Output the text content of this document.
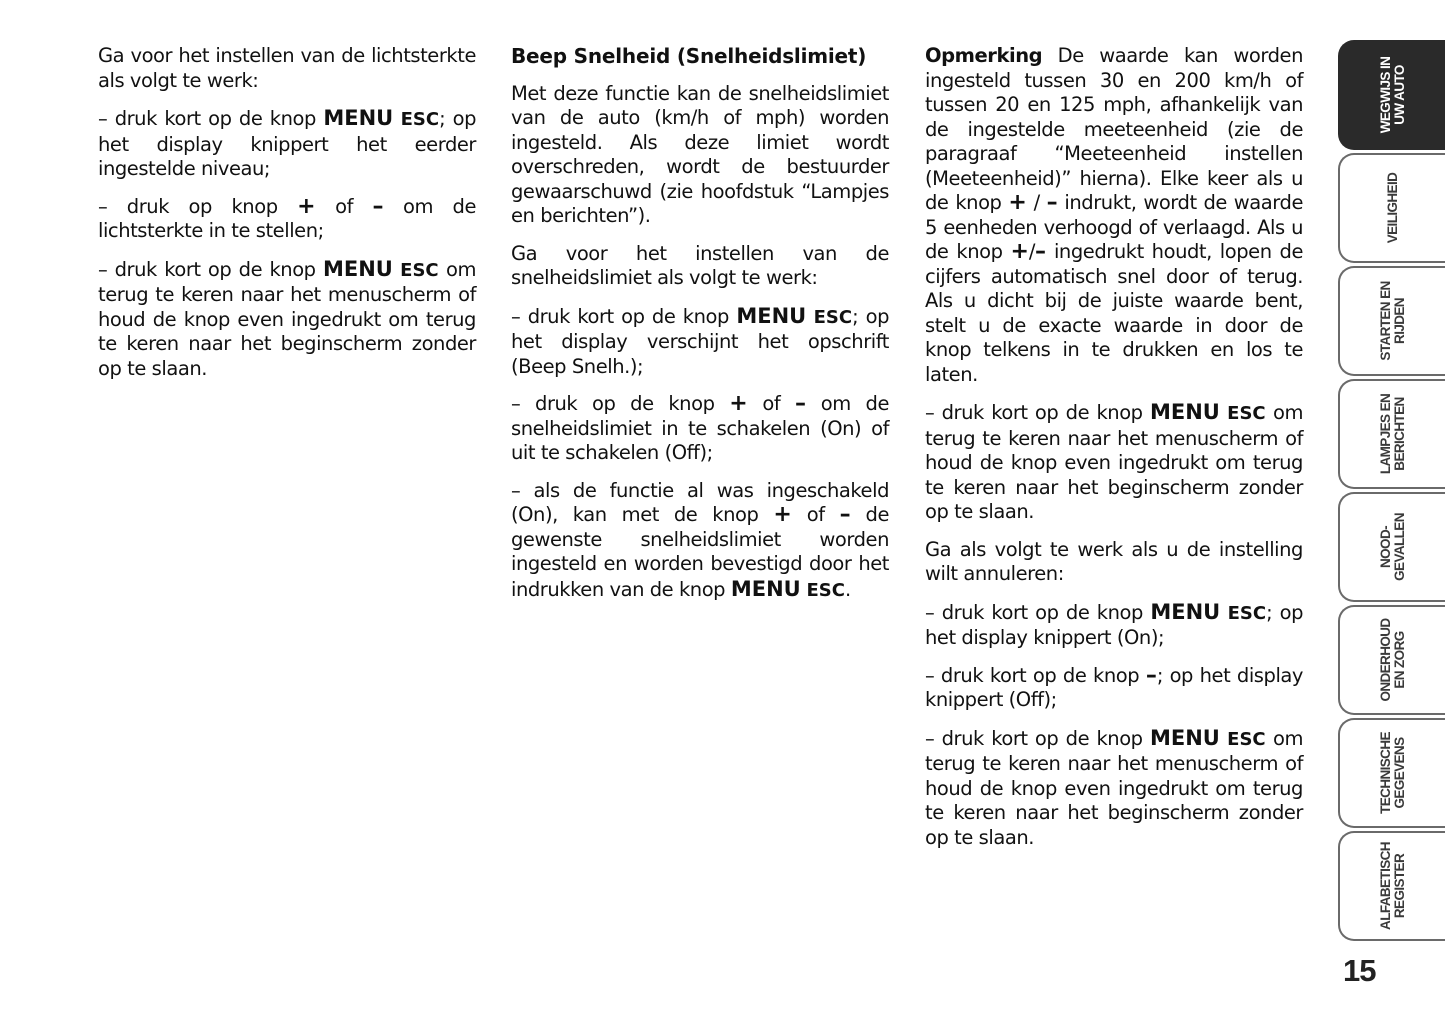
Ga voor het instellen van de lichtsterkte als volgt te werk:

– druk kort op de knop MENU ESC; op het display knippert het eerder ingestelde niveau;

– druk op knop + of – om de lichtsterkte in te stellen;

– druk kort op de knop MENU ESC om terug te keren naar het menuscherm of houd de knop even ingedrukt om terug te keren naar het beginscherm zonder op te slaan.

Beep Snelheid (Snelheidslimiet)

Met deze functie kan de snelheidslimiet van de auto (km/h of mph) worden ingesteld. Als deze limiet wordt overschreden, wordt de bestuurder gewaarschuwd (zie hoofdstuk “Lampjes en berichten”).

Ga voor het instellen van de snelheidslimiet als volgt te werk:

– druk kort op de knop MENU ESC; op het display verschijnt het opschrift (Beep Snelh.);

– druk op de knop + of – om de snelheidslimiet in te schakelen (On) of uit te schakelen (Off);

– als de functie al was ingeschakeld (On), kan met de knop + of – de gewenste snelheidslimiet worden ingesteld en worden bevestigd door het indrukken van de knop MENU ESC.

Opmerking De waarde kan worden ingesteld tussen 30 en 200 km/h of tussen 20 en 125 mph, afhankelijk van de ingestelde meeteenheid (zie de paragraaf “Meeteenheid instellen (Meeteenheid)” hierna). Elke keer als u de knop + / – indrukt, wordt de waarde 5 eenheden verhoogd of verlaagd. Als u de knop +/– ingedrukt houdt, lopen de cijfers automatisch snel door of terug. Als u dicht bij de juiste waarde bent, stelt u de exacte waarde in door de knop telkens in te drukken en los te laten.

– druk kort op de knop MENU ESC om terug te keren naar het menuscherm of houd de knop even ingedrukt om terug te keren naar het beginscherm zonder op te slaan.

Ga als volgt te werk als u de instelling wilt annuleren:

– druk kort op de knop MENU ESC; op het display knippert (On);

– druk kort op de knop –; op het display knippert (Off);

– druk kort op de knop MENU ESC om terug te keren naar het menuscherm of houd de knop even ingedrukt om terug te keren naar het beginscherm zonder op te slaan.

WEGWIJS IN
UW AUTO
VEILIGHEID
STARTEN EN
RIJDEN
LAMPJES EN
BERICHTEN
NOOD-
GEVALLEN
ONDERHOUD
EN ZORG
TECHNISCHE
GEGEVENS
ALFABETISCH
REGISTER
15
